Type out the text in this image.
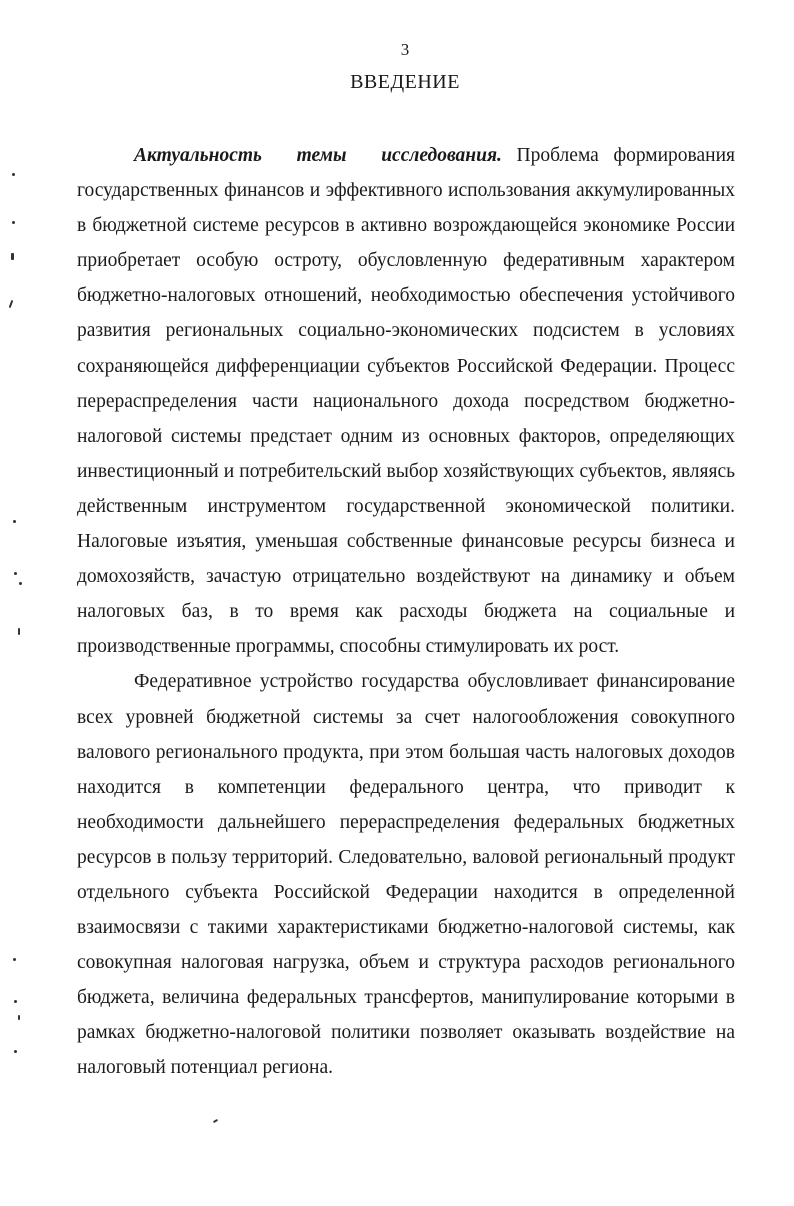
3
ВВЕДЕНИЕ

Актуальность темы исследования. Проблема формирования государственных финансов и эффективного использования аккумулированных в бюджетной системе ресурсов в активно возрождающейся экономике России приобретает особую остроту, обусловленную федеративным характером бюджетно-налоговых отношений, необходимостью обеспечения устойчивого развития региональных социально-экономических подсистем в условиях сохраняющейся дифференциации субъектов Российской Федерации. Процесс перераспределения части национального дохода посредством бюджетно-налоговой системы предстает одним из основных факторов, определяющих инвестиционный и потребительский выбор хозяйствующих субъектов, являясь действенным инструментом государственной экономической политики. Налоговые изъятия, уменьшая собственные финансовые ресурсы бизнеса и домохозяйств, зачастую отрицательно воздействуют на динамику и объем налоговых баз, в то время как расходы бюджета на социальные и производственные программы, способны стимулировать их рост.

Федеративное устройство государства обусловливает финансирование всех уровней бюджетной системы за счет налогообложения совокупного валового регионального продукта, при этом большая часть налоговых доходов находится в компетенции федерального центра, что приводит к необходимости дальнейшего перераспределения федеральных бюджетных ресурсов в пользу территорий. Следовательно, валовой региональный продукт отдельного субъекта Российской Федерации находится в определенной взаимосвязи с такими характеристиками бюджетно-налоговой системы, как совокупная налоговая нагрузка, объем и структура расходов регионального бюджета, величина федеральных трансфертов, манипулирование которыми в рамках бюджетно-налоговой политики позволяет оказывать воздействие на налоговый потенциал региона.
